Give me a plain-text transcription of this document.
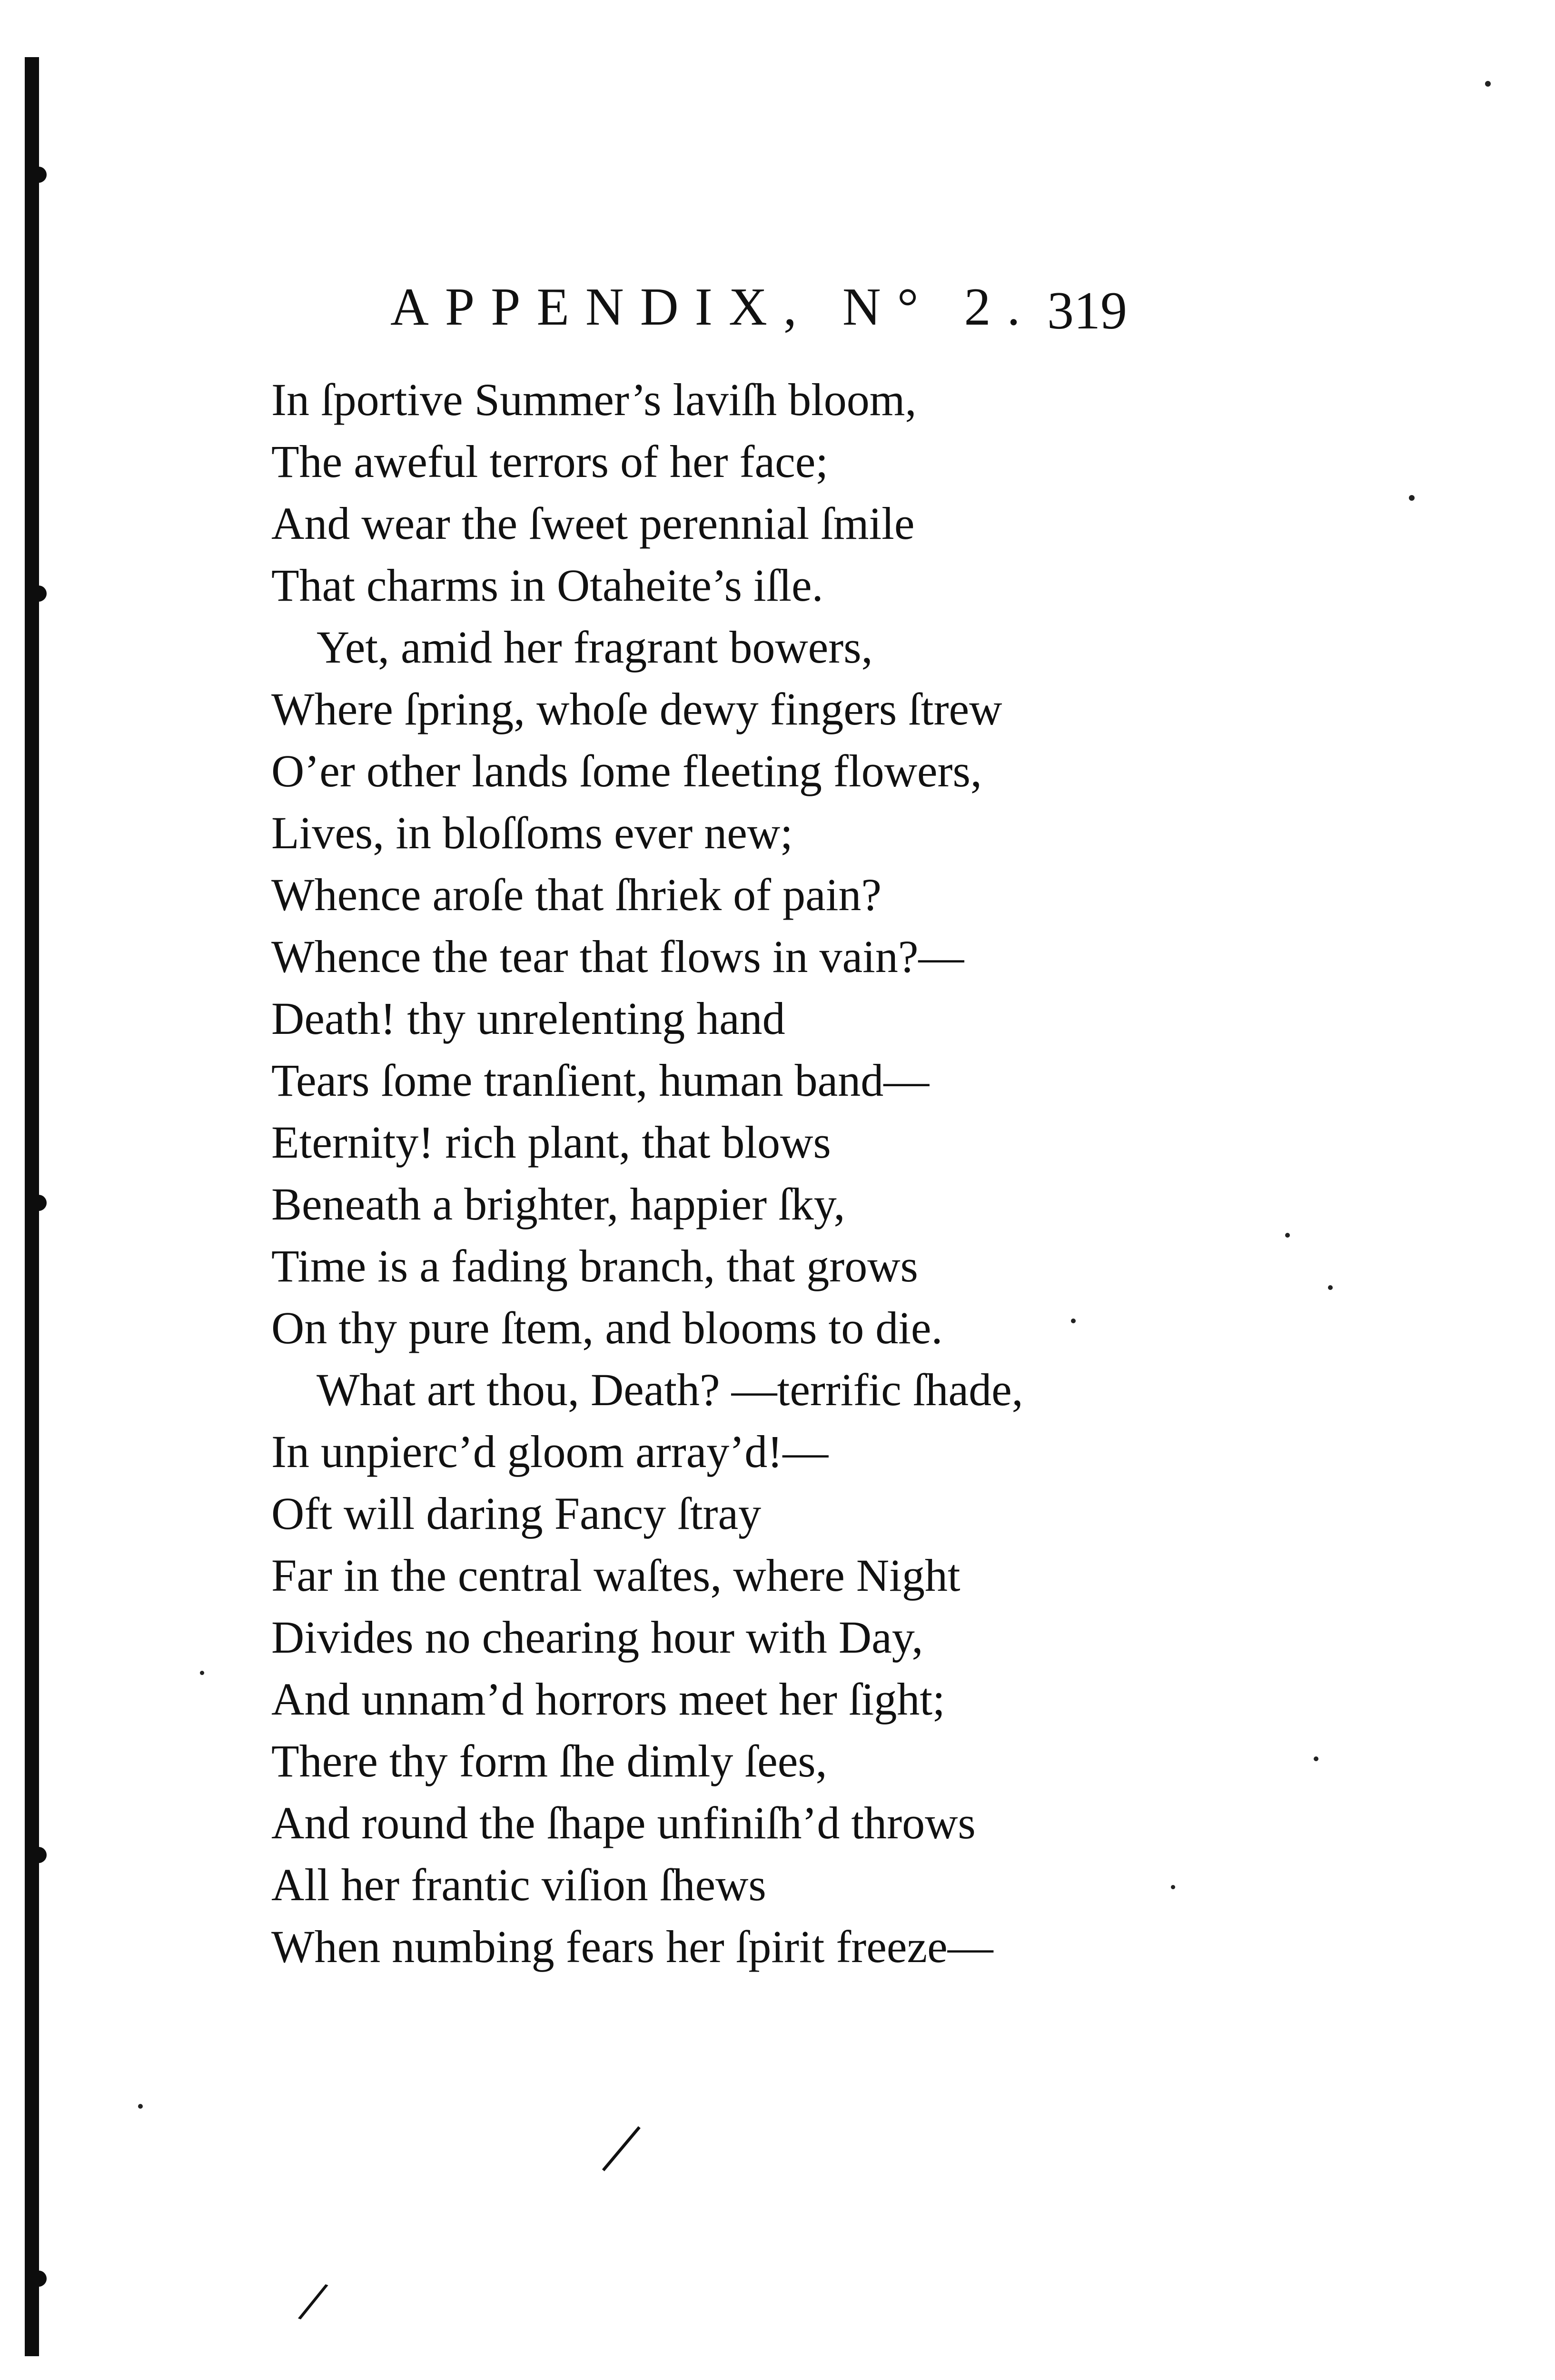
APPENDIX, N° 2. 319
In ſportive Summer’s laviſh bloom,
The aweful terrors of her face;
And wear the ſweet perennial ſmile
That charms in Otaheite’s iſle.
Yet, amid her fragrant bowers,
Where ſpring, whoſe dewy fingers ſtrew
O’er other lands ſome fleeting flowers,
Lives, in bloſſoms ever new;
Whence aroſe that ſhriek of pain?
Whence the tear that flows in vain?—
Death! thy unrelenting hand
Tears ſome tranſient, human band—
Eternity! rich plant, that blows
Beneath a brighter, happier ſky,
Time is a fading branch, that grows
On thy pure ſtem, and blooms to die.
What art thou, Death? —terrific ſhade,
In unpierc’d gloom array’d!—
Oft will daring Fancy ſtray
Far in the central waſtes, where Night
Divides no chearing hour with Day,
And unnam’d horrors meet her ſight;
There thy form ſhe dimly ſees,
And round the ſhape unfiniſh’d throws
All her frantic viſion ſhews
When numbing fears her ſpirit freeze—
|
/
